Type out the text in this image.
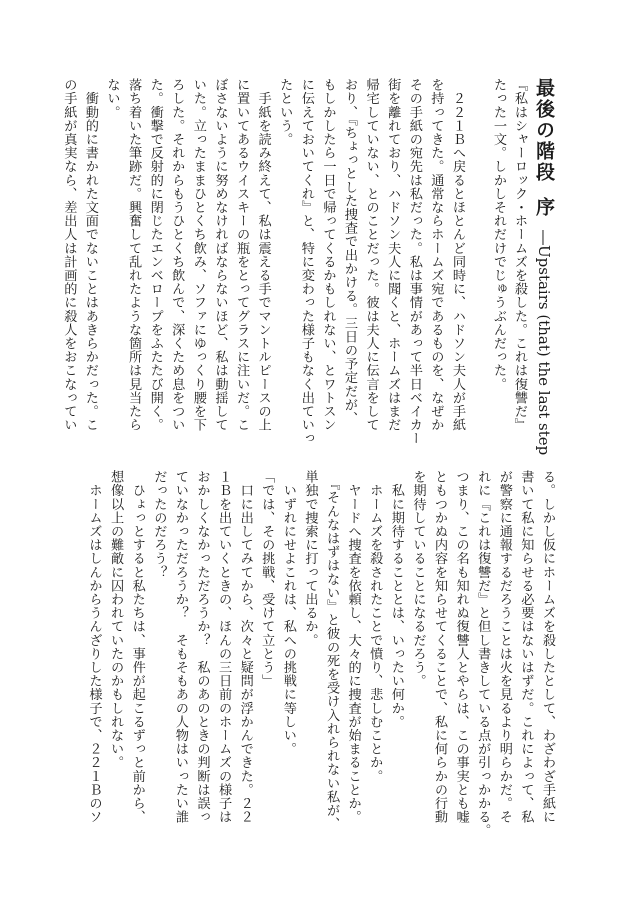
最後の階段序―Upstairs (that) the last step
『私はシャーロック・ホームズを殺した。これは復讐だ』
たった一文。しかしそれだけでじゅうぶんだった。
　２２１Ｂへ戻るとほとんど同時に、ハドソン夫人が手紙
を持ってきた。通常ならホームズ宛であるものを、なぜか
その手紙の宛先は私だった。私は事情があって半日ベイカー
街を離れており、ハドソン夫人に聞くと、ホームズはまだ
帰宅していない、とのことだった。彼は夫人に伝言をして
おり、『ちょっとした捜査で出かける。三日の予定だが、
もしかしたら一日で帰ってくるかもしれない、とワトスン
に伝えておいてくれ』と、特に変わった様子もなく出ていっ
たという。
　手紙を読み終えて、私は震える手でマントルピースの上
に置いてあるウイスキーの瓶をとってグラスに注いだ。こ
ぼさないように努めなければならないほど、私は動揺して
いた。立ったままひとくち飲み、ソファにゆっくり腰を下
ろした。それからもうひとくち飲んで、深くため息をつい
た。衝撃で反射的に閉じたエンベロープをふたたび開く。
落ち着いた筆跡だ。興奮して乱れたような箇所は見当たら
ない。
　衝動的に書かれた文面でないことはあきらかだった。こ
の手紙が真実なら、差出人は計画的に殺人をおこなってい
る。しかし仮にホームズを殺したとして、わざわざ手紙に
書いて私に知らせる必要はないはずだ。これによって、私
が警察に通報するだろうことは火を見るより明らかだ。そ
れに『これは復讐だ』と但し書きしている点が引っかかる。
つまり、この名も知れぬ復讐人とやらは、この事実とも嘘
ともつかぬ内容を知らせてくることで、私に何らかの行動
を期待していることになるだろう。
　私に期待することとは、いったい何か。
　ホームズを殺されたことで憤り、悲しむことか。
　ヤードへ捜査を依頼し、大々的に捜査が始まることか。
　『そんなはずはない』と彼の死を受け入れられない私が、
単独で捜索に打って出るか。
　いずれにせよこれは、私への挑戦に等しい。
「では、その挑戦、受けて立とう」
　口に出してみてから、次々と疑問が浮かんできた。２２
１Ｂを出ていくときの、ほんの三日前のホームズの様子は
おかしくなかっただろうか？　私のあのときの判断は誤っ
ていなかっただろうか？　そもそもあの人物はいったい誰
だったのだろう？
　ひょっとすると私たちは、事件が起こるずっと前から、
想像以上の難敵に囚われていたのかもしれない。
　ホームズはしんからうんざりした様子で、２２１Ｂのソ
